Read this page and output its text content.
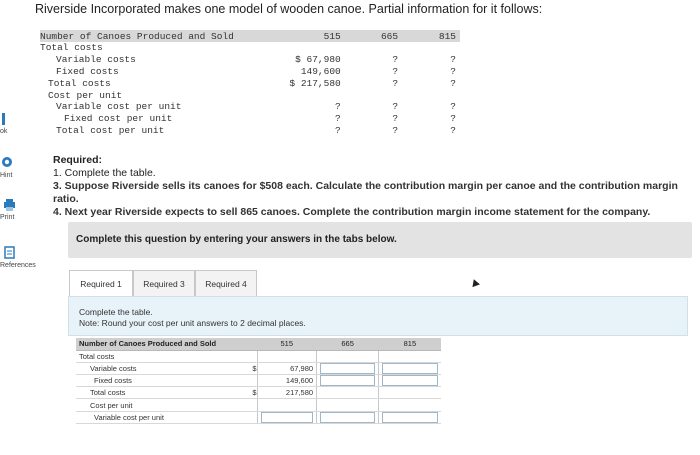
ok
Hint
Print
References
Riverside Incorporated makes one model of wooden canoe. Partial information for it follows:
Number of Canoes Produced and Sold	515	665	815
Total costs			
Variable costs	$ 67,980	?	?
Fixed costs	149,600	?	?
Total costs	$ 217,580	?	?
Cost per unit			
Variable cost per unit	?	?	?
Fixed cost per unit	?	?	?
Total cost per unit	?	?	?
Required:
1. Complete the table.
3. Suppose Riverside sells its canoes for $508 each. Calculate the contribution margin per canoe and the contribution margin ratio.
4. Next year Riverside expects to sell 865 canoes. Complete the contribution margin income statement for the company.
Complete this question by entering your answers in the tabs below.
Required 1	Required 3	Required 4
Complete the table.
Note: Round your cost per unit answers to 2 decimal places.
Number of Canoes Produced and Sold		515	665	815
Total costs				
Variable costs	$	67,980	

Fixed costs		149,600	

Total costs	$	217,580		
Cost per unit				
Variable cost per unit		
